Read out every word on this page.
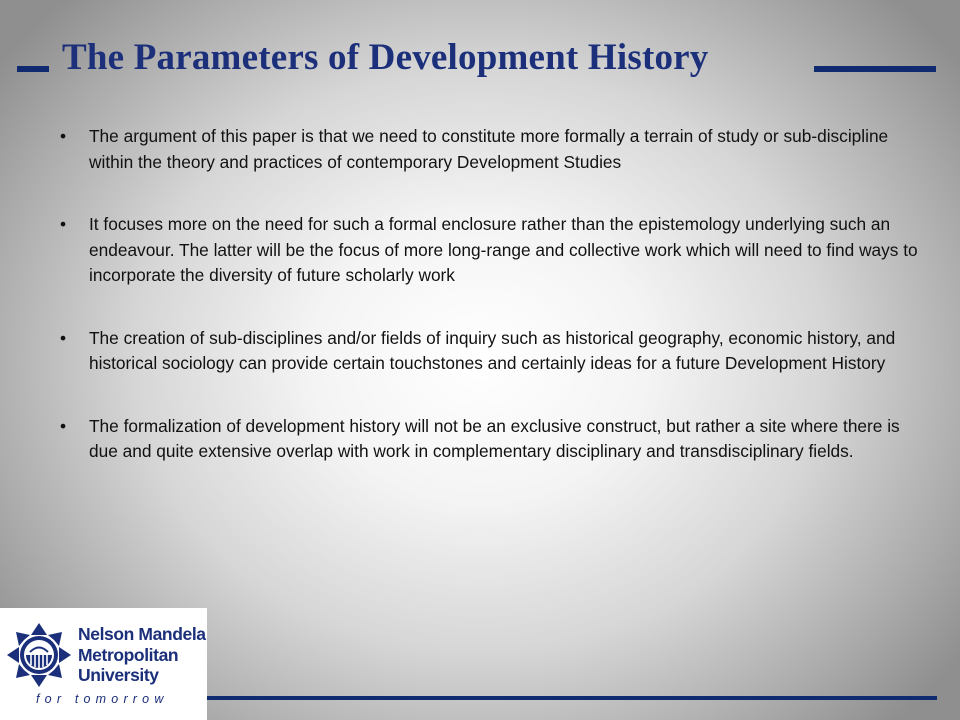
The Parameters of Development History
• The argument of this paper is that we need to constitute more formally a terrain of study or sub-discipline within the theory and practices of contemporary Development Studies
• It focuses more on the need for such a formal enclosure rather than the epistemology underlying such an endeavour. The latter will be the focus of more long-range and collective work which will need to find ways to incorporate the diversity of future scholarly work
• The creation of sub-disciplines and/or fields of inquiry such as historical geography, economic history, and historical sociology can provide certain touchstones and certainly ideas for a future Development History
• The formalization of development history will not be an exclusive construct, but rather a site where there is due and quite extensive overlap with work in complementary disciplinary and transdisciplinary fields.
Nelson Mandela
Metropolitan
University
for tomorrow
